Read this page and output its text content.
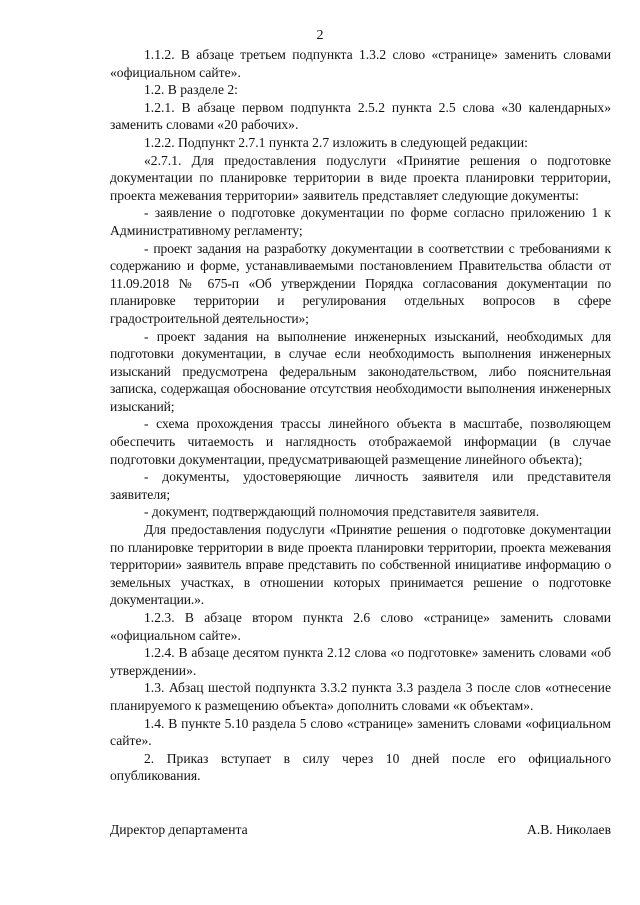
2

1.1.2. В абзаце третьем подпункта 1.3.2 слово «странице» заменить словами «официальном сайте».

1.2. В разделе 2:

1.2.1. В абзаце первом подпункта 2.5.2 пункта 2.5 слова «30 календарных» заменить словами «20 рабочих».

1.2.2. Подпункт 2.7.1 пункта 2.7 изложить в следующей редакции:

«2.7.1. Для предоставления подуслуги «Принятие решения о подготовке документации по планировке территории в виде проекта планировки территории, проекта межевания территории» заявитель представляет следующие документы:

- заявление о подготовке документации по форме согласно приложению 1 к Административному регламенту;

- проект задания на разработку документации в соответствии с требованиями к содержанию и форме, устанавливаемыми постановлением Правительства области от 11.09.2018 № 675-п «Об утверждении Порядка согласования документации по планировке территории и регулирования отдельных вопросов в сфере градостроительной деятельности»;

- проект задания на выполнение инженерных изысканий, необходимых для подготовки документации, в случае если необходимость выполнения инженерных изысканий предусмотрена федеральным законодательством, либо пояснительная записка, содержащая обоснование отсутствия необходимости выполнения инженерных изысканий;

- схема прохождения трассы линейного объекта в масштабе, позволяющем обеспечить читаемость и наглядность отображаемой информации (в случае подготовки документации, предусматривающей размещение линейного объекта);

- документы, удостоверяющие личность заявителя или представителя заявителя;

- документ, подтверждающий полномочия представителя заявителя.

Для предоставления подуслуги «Принятие решения о подготовке документации по планировке территории в виде проекта планировки территории, проекта межевания территории» заявитель вправе представить по собственной инициативе информацию о земельных участках, в отношении которых принимается решение о подготовке документации.».

1.2.3. В абзаце втором пункта 2.6 слово «странице» заменить словами «официальном сайте».

1.2.4. В абзаце десятом пункта 2.12 слова «о подготовке» заменить словами «об утверждении».

1.3. Абзац шестой подпункта 3.3.2 пункта 3.3 раздела 3 после слов «отнесение планируемого к размещению объекта» дополнить словами «к объектам».

1.4. В пункте 5.10 раздела 5 слово «странице» заменить словами «официальном сайте».

2. Приказ вступает в силу через 10 дней после его официального опубликования.

Директор департамента	А.В. Николаев
